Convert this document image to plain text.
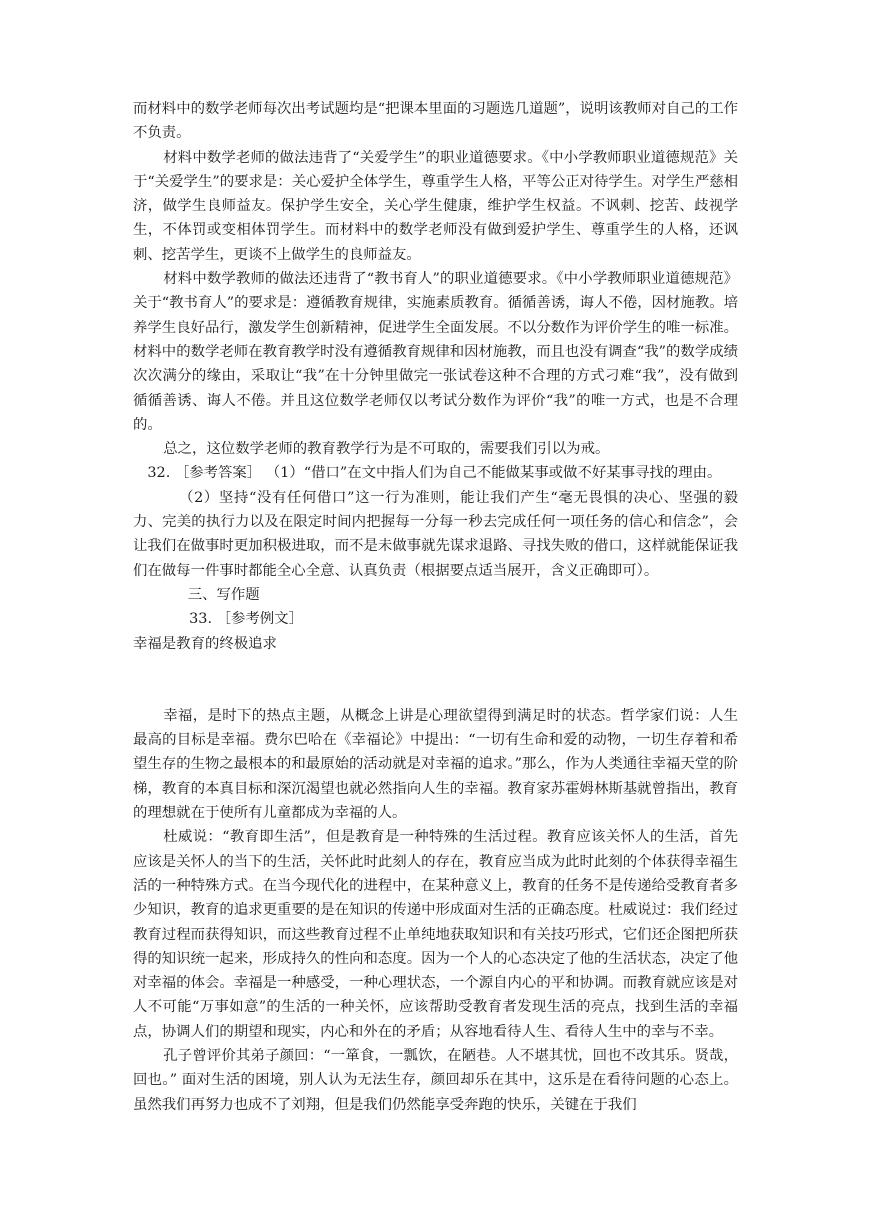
而材料中的数学老师每次出考试题均是“把课本里面的习题选几道题”，说明该教师对自己的工作不负责。

材料中数学老师的做法违背了“关爱学生”的职业道德要求。《中小学教师职业道德规范》关于“关爱学生”的要求是：关心爱护全体学生，尊重学生人格，平等公正对待学生。对学生严慈相济，做学生良师益友。保护学生安全，关心学生健康，维护学生权益。不讽刺、挖苦、歧视学生，不体罚或变相体罚学生。而材料中的数学老师没有做到爱护学生、尊重学生的人格，还讽刺、挖苦学生，更谈不上做学生的良师益友。

材料中数学教师的做法还违背了“教书育人”的职业道德要求。《中小学教师职业道德规范》关于“教书育人”的要求是：遵循教育规律，实施素质教育。循循善诱，诲人不倦，因材施教。培养学生良好品行，激发学生创新精神，促进学生全面发展。不以分数作为评价学生的唯一标准。材料中的数学老师在教育教学时没有遵循教育规律和因材施教，而且也没有调查“我”的数学成绩次次满分的缘由，采取让“我”在十分钟里做完一张试卷这种不合理的方式刁难“我”，没有做到循循善诱、诲人不倦。并且这位数学老师仅以考试分数作为评价“我”的唯一方式，也是不合理的。

总之，这位数学老师的教育教学行为是不可取的，需要我们引以为戒。

32. ［参考答案］ （1）“借口”在文中指人们为自己不能做某事或做不好某事寻找的理由。

（2）坚持“没有任何借口”这一行为准则，能让我们产生“毫无畏惧的决心、坚强的毅力、完美的执行力以及在限定时间内把握每一分每一秒去完成任何一项任务的信心和信念”，会让我们在做事时更加积极进取，而不是未做事就先谋求退路、寻找失败的借口，这样就能保证我们在做每一件事时都能全心全意、认真负责（根据要点适当展开，含义正确即可）。

三、写作题

33. ［参考例文］

幸福是教育的终极追求

幸福，是时下的热点主题，从概念上讲是心理欲望得到满足时的状态。哲学家们说：人生最高的目标是幸福。费尔巴哈在《幸福论》中提出：“一切有生命和爱的动物，一切生存着和希望生存的生物之最根本的和最原始的活动就是对幸福的追求。”那么，作为人类通往幸福天堂的阶梯，教育的本真目标和深沉渴望也就必然指向人生的幸福。教育家苏霍姆林斯基就曾指出，教育的理想就在于使所有儿童都成为幸福的人。

杜威说：“教育即生活”，但是教育是一种特殊的生活过程。教育应该关怀人的生活，首先应该是关怀人的当下的生活，关怀此时此刻人的存在，教育应当成为此时此刻的个体获得幸福生活的一种特殊方式。在当今现代化的进程中，在某种意义上，教育的任务不是传递给受教育者多少知识，教育的追求更重要的是在知识的传递中形成面对生活的正确态度。杜威说过：我们经过教育过程而获得知识，而这些教育过程不止单纯地获取知识和有关技巧形式，它们还企图把所获得的知识统一起来，形成持久的性向和态度。因为一个人的心态决定了他的生活状态，决定了他对幸福的体会。幸福是一种感受，一种心理状态，一个源自内心的平和协调。而教育就应该是对人不可能“万事如意”的生活的一种关怀，应该帮助受教育者发现生活的亮点，找到生活的幸福点，协调人们的期望和现实，内心和外在的矛盾；从容地看待人生、看待人生中的幸与不幸。

孔子曾评价其弟子颜回：“一箪食，一瓢饮，在陋巷。人不堪其忧，回也不改其乐。贤哉，回也。” 面对生活的困境，别人认为无法生存，颜回却乐在其中，这乐是在看待问题的心态上。虽然我们再努力也成不了刘翔，但是我们仍然能享受奔跑的快乐，关键在于我们
